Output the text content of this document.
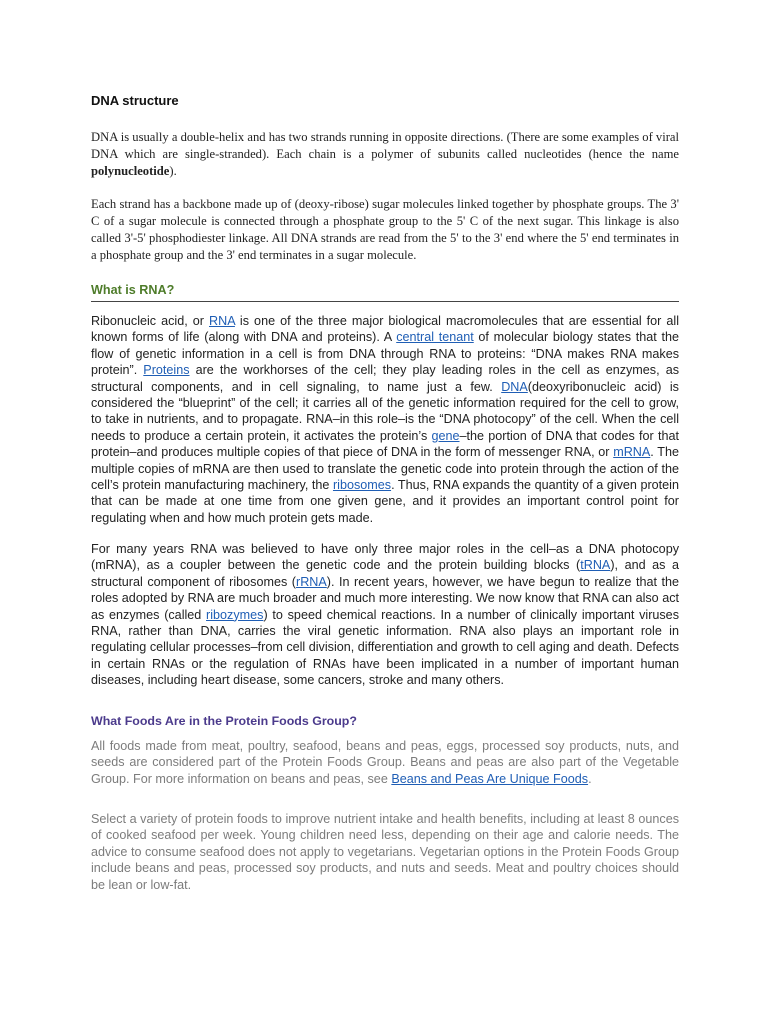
DNA structure

DNA is usually a double-helix and has two strands running in opposite directions. (There are some examples of viral DNA which are single-stranded). Each chain is a polymer of subunits called nucleotides (hence the name polynucleotide).

Each strand has a backbone made up of (deoxy-ribose) sugar molecules linked together by phosphate groups. The 3' C of a sugar molecule is connected through a phosphate group to the 5' C of the next sugar. This linkage is also called 3'-5' phosphodiester linkage. All DNA strands are read from the 5' to the 3' end where the 5' end terminates in a phosphate group and the 3' end terminates in a sugar molecule.

What is RNA?

Ribonucleic acid, or RNA is one of the three major biological macromolecules that are essential for all known forms of life (along with DNA and proteins). A central tenant of molecular biology states that the flow of genetic information in a cell is from DNA through RNA to proteins: “DNA makes RNA makes protein”. Proteins are the workhorses of the cell; they play leading roles in the cell as enzymes, as structural components, and in cell signaling, to name just a few. DNA(deoxyribonucleic acid) is considered the “blueprint” of the cell; it carries all of the genetic information required for the cell to grow, to take in nutrients, and to propagate. RNA–in this role–is the “DNA photocopy” of the cell. When the cell needs to produce a certain protein, it activates the protein’s gene–the portion of DNA that codes for that protein–and produces multiple copies of that piece of DNA in the form of messenger RNA, or mRNA. The multiple copies of mRNA are then used to translate the genetic code into protein through the action of the cell’s protein manufacturing machinery, the ribosomes. Thus, RNA expands the quantity of a given protein that can be made at one time from one given gene, and it provides an important control point for regulating when and how much protein gets made.

For many years RNA was believed to have only three major roles in the cell–as a DNA photocopy (mRNA), as a coupler between the genetic code and the protein building blocks (tRNA), and as a structural component of ribosomes (rRNA). In recent years, however, we have begun to realize that the roles adopted by RNA are much broader and much more interesting. We now know that RNA can also act as enzymes (called ribozymes) to speed chemical reactions. In a number of clinically important viruses RNA, rather than DNA, carries the viral genetic information. RNA also plays an important role in regulating cellular processes–from cell division, differentiation and growth to cell aging and death. Defects in certain RNAs or the regulation of RNAs have been implicated in a number of important human diseases, including heart disease, some cancers, stroke and many others.

What Foods Are in the Protein Foods Group?

All foods made from meat, poultry, seafood, beans and peas, eggs, processed soy products, nuts, and seeds are considered part of the Protein Foods Group. Beans and peas are also part of the Vegetable Group. For more information on beans and peas, see Beans and Peas Are Unique Foods.

Select a variety of protein foods to improve nutrient intake and health benefits, including at least 8 ounces of cooked seafood per week. Young children need less, depending on their age and calorie needs. The advice to consume seafood does not apply to vegetarians. Vegetarian options in the Protein Foods Group include beans and peas, processed soy products, and nuts and seeds. Meat and poultry choices should be lean or low-fat.
